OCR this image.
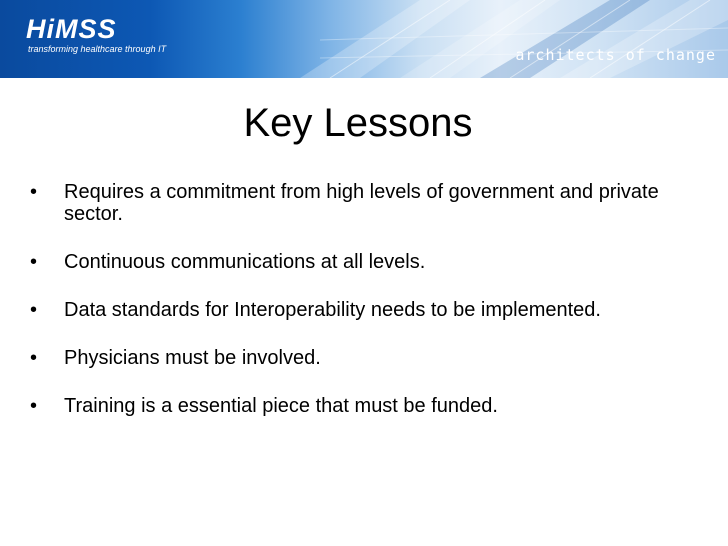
HiMSS
transforming healthcare through IT	architects of change
Key Lessons
•	Requires a commitment from high levels of government and private sector.
•	Continuous communications at all levels.
•	Data standards for Interoperability needs to be implemented.
•	Physicians must be involved.
•	Training is a essential piece that must be funded.
